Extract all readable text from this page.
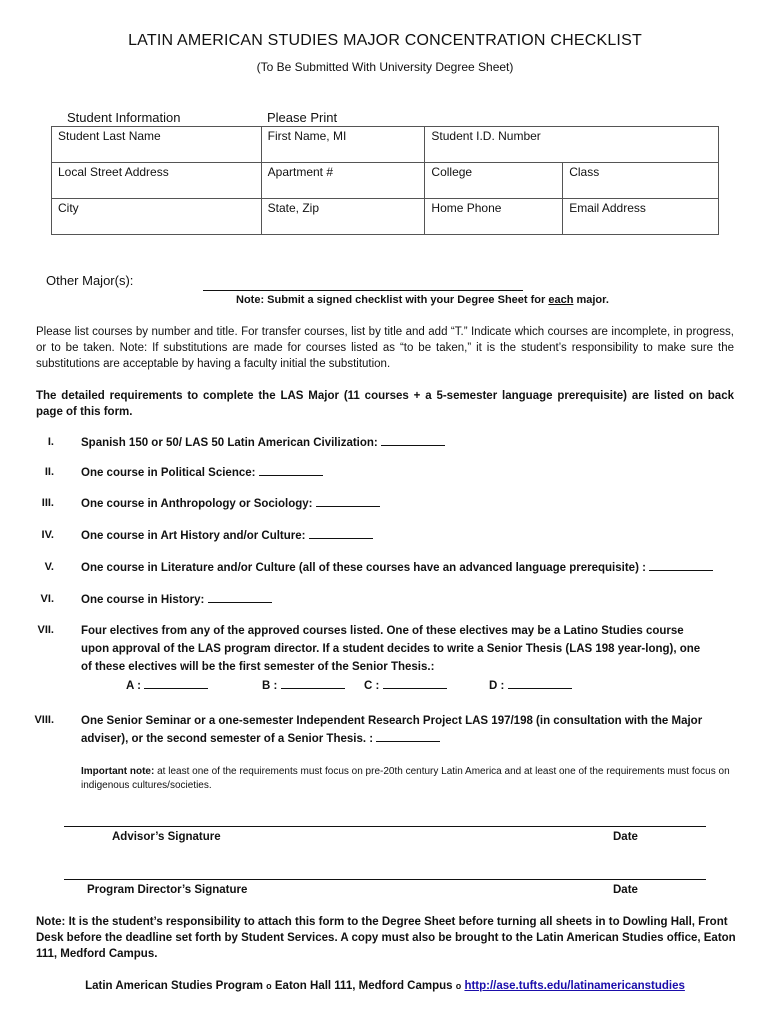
LATIN AMERICAN STUDIES MAJOR CONCENTRATION CHECKLIST
(To Be Submitted With University Degree Sheet)
Student Information	Please Print
Student Last Name	First Name, MI	Student I.D. Number	
Local Street Address	Apartment #	College	Class
City	State, Zip	Home Phone	Email Address
Other Major(s):
Note: Submit a signed checklist with your Degree Sheet for each major.
Please list courses by number and title. For transfer courses, list by title and add “T.” Indicate which courses are incomplete, in progress, or to be taken. Note: If substitutions are made for courses listed as “to be taken,” it is the student’s responsibility to make sure the substitutions are acceptable by having a faculty initial the substitution.
The detailed requirements to complete the LAS Major (11 courses + a 5-semester language prerequisite) are listed on back page of this form.
I. Spanish 150 or 50/ LAS 50 Latin American Civilization:
II. One course in Political Science:
III. One course in Anthropology or Sociology:
IV. One course in Art History and/or Culture:
V. One course in Literature and/or Culture (all of these courses have an advanced language prerequisite) :
VI. One course in History:
VII. Four electives from any of the approved courses listed. One of these electives may be a Latino Studies course upon approval of the LAS program director. If a student decides to write a Senior Thesis (LAS 198 year-long), one of these electives will be the first semester of the Senior Thesis.:
A :	B :	C :	D :
VIII. One Senior Seminar or a one-semester Independent Research Project LAS 197/198 (in consultation with the Major adviser), or the second semester of a Senior Thesis. :
Important note: at least one of the requirements must focus on pre-20th century Latin America and at least one of the requirements must focus on indigenous cultures/societies.
Advisor’s Signature	Date
Program Director’s Signature	Date
Note: It is the student’s responsibility to attach this form to the Degree Sheet before turning all sheets in to Dowling Hall, Front Desk before the deadline set forth by Student Services. A copy must also be brought to the Latin American Studies office, Eaton 111, Medford Campus.
Latin American Studies Program o Eaton Hall 111, Medford Campus o http://ase.tufts.edu/latinamericanstudies
